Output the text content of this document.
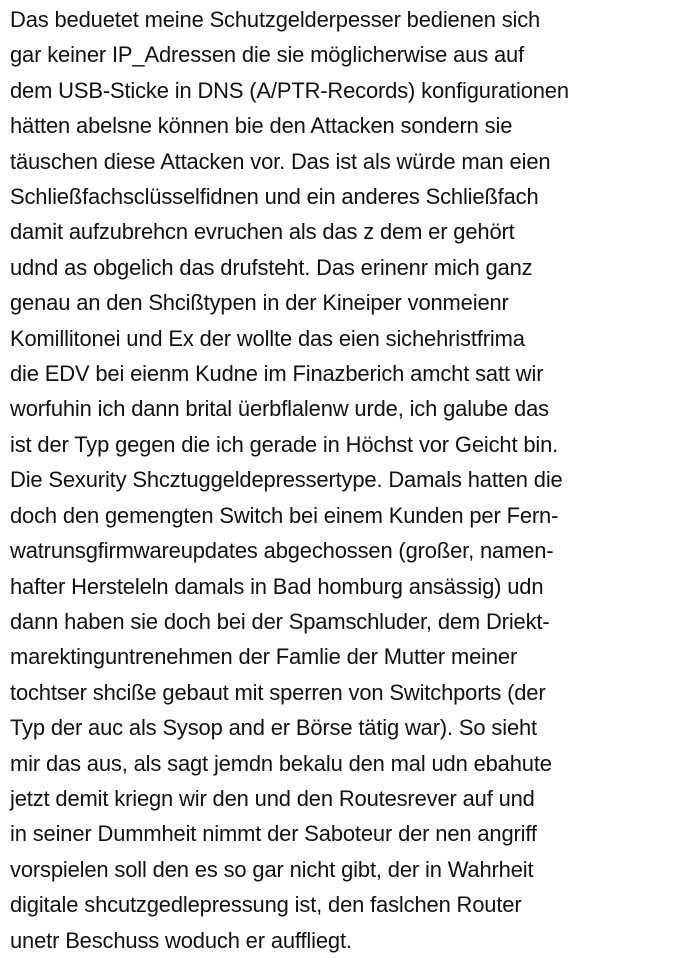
Das beduetet meine Schutzgelderpesser bedienen sich gar keiner IP_Adressen die sie möglicherwise aus auf dem USB-Sticke in DNS (A/PTR-Records) konfigurationen hätten abelsne können bie den Attacken sondern sie täuschen diese Attacken vor. Das ist als würde man eien Schließfachsclüsselfidnen und ein anderes Schließfach damit aufzubrehcn evruchen als das z dem er gehört udnd as obgelich das drufsteht. Das erinenr mich ganz genau an den Shcißtypen in der Kineiper vonmeienr Komillitonei und Ex der wollte das eien sichehristfrima die EDV bei eienm Kudne im Finazberich amcht satt wir worfuhin ich dann brital üerbflalenw urde, ich galube das ist der Typ gegen die ich gerade in Höchst vor Geicht bin. Die Sexurity Shcztuggeldepressertype. Damals hatten die doch den gemengten Switch bei einem Kunden per Fern- watrunsgfirmwareupdates abgechossen (großer, namen- hafter Hersteleln damals in Bad homburg ansässig) udn dann haben sie doch bei der Spamschluder, dem Driekt- marektinguntrenehmen der Famlie der Mutter meiner tochtser shciße gebaut mit sperren von Switchports (der Typ der auc als Sysop and er Börse tätig war). So sieht mir das aus, als sagt jemdn bekalu den mal udn ebahute jetzt demit kriegn wir den und den Routesrever auf und in seiner Dummheit nimmt der Saboteur der nen angriff vorspielen soll den es so gar nicht gibt, der in Wahrheit digitale shcutzgedlepressung ist, den faslchen Router unetr Beschuss woduch er auffliegt.
